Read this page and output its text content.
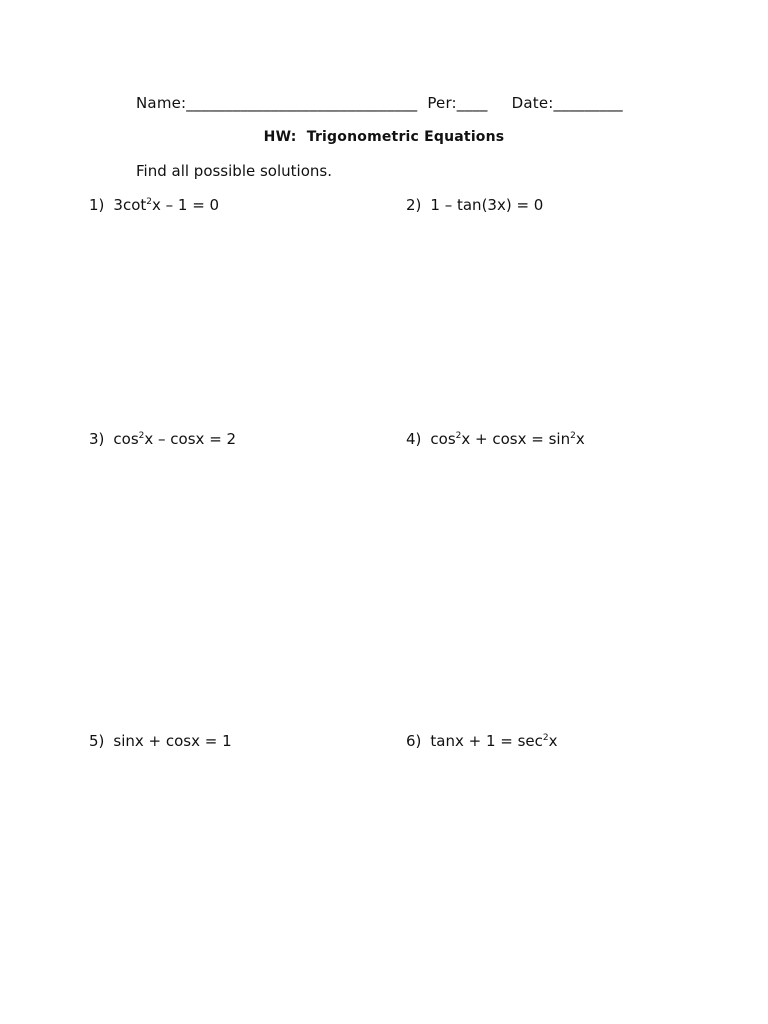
Name:______________________________ Per:____ Date:_________
HW:  Trigonometric Equations
Find all possible solutions.
1) $3\cot^2x - 1 = 0$	2) 1 – tan(3x) = 0
3) $\cos^2x - \cos x = 2$	4) $\cos^2x + \cos x = \sin^2x$
5) sinx + cosx = 1	6) $\tan x + 1 = \sec^2x$
